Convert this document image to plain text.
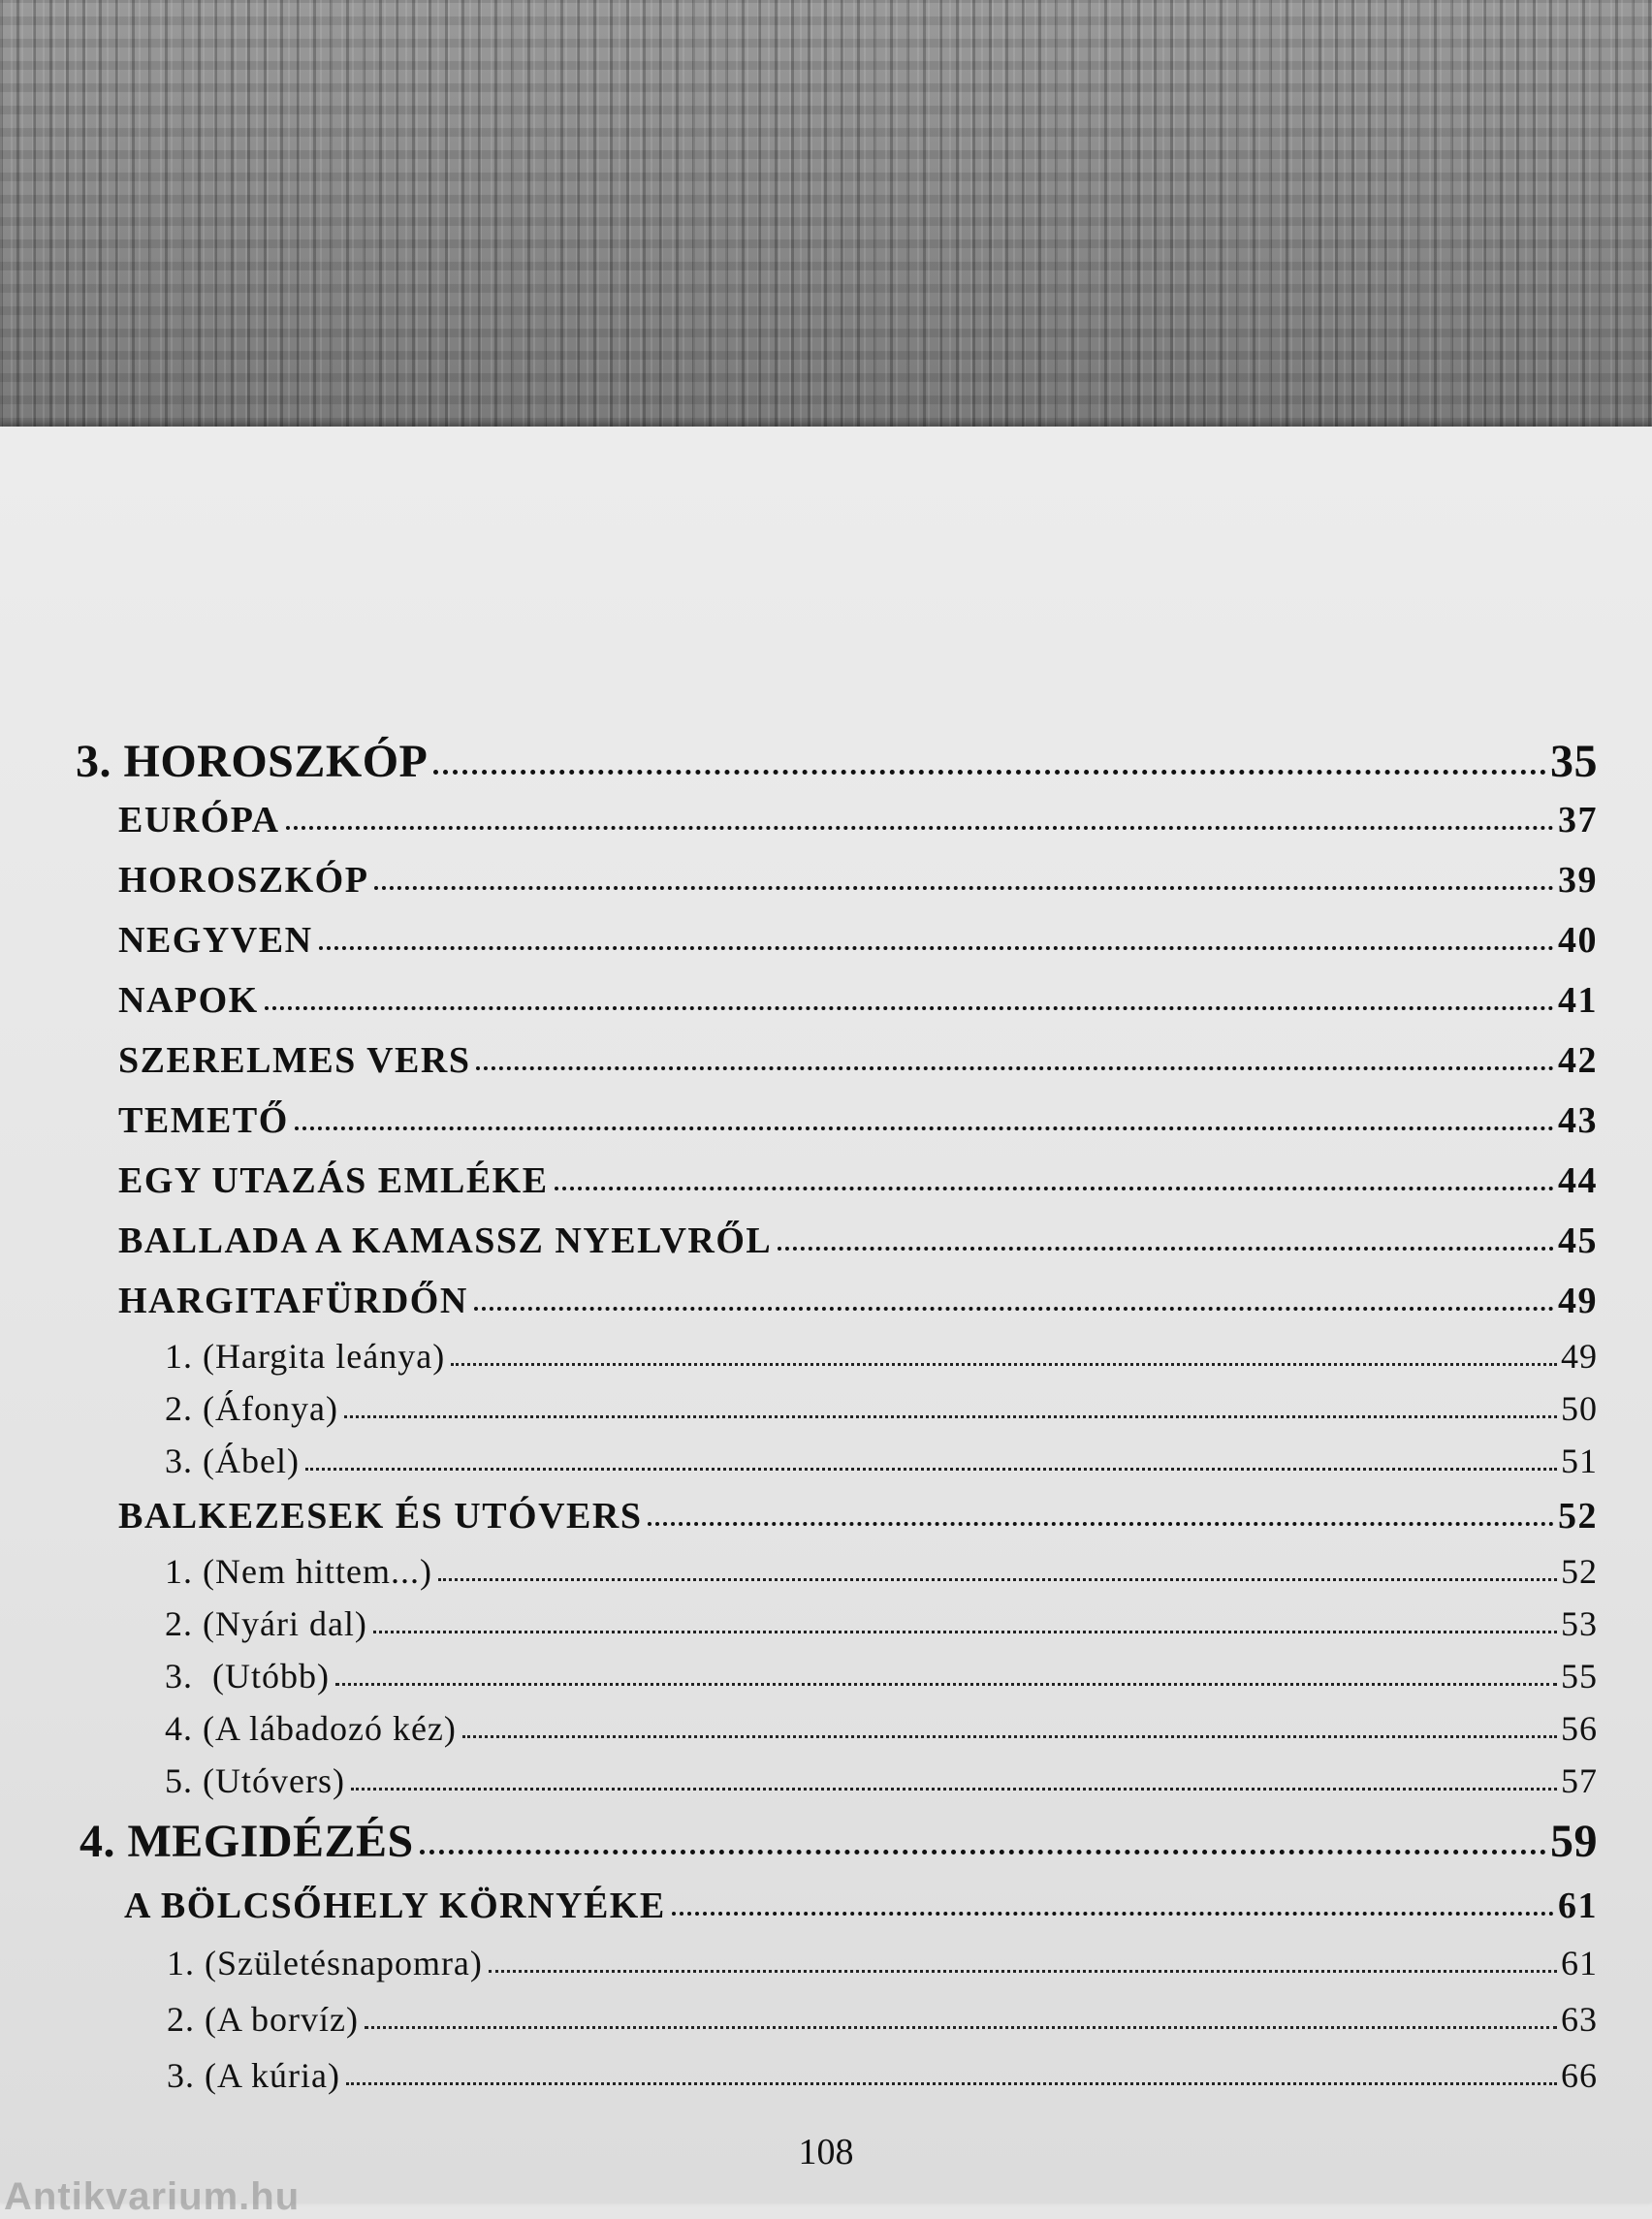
3. HOROSZKÓP	35
EURÓPA	37
HOROSZKÓP	39
NEGYVEN	40
NAPOK	41
SZERELMES VERS	42
TEMETŐ	43
EGY UTAZÁS EMLÉKE	44
BALLADA A KAMASSZ NYELVRŐL	45
HARGITAFÜRDŐN	49
1. (Hargita leánya)	49
2. (Áfonya)	50
3. (Ábel)	51
BALKEZESEK ÉS UTÓVERS	52
1. (Nem hittem...)	52
2. (Nyári dal)	53
3.  (Utóbb)	55
4. (A lábadozó kéz)	56
5. (Utóvers)	57
4. MEGIDÉZÉS	59
A BÖLCSŐHELY KÖRNYÉKE	61
1. (Születésnapomra)	61
2. (A borvíz)	63
3. (A kúria)	66
108
Antikvarium.hu
